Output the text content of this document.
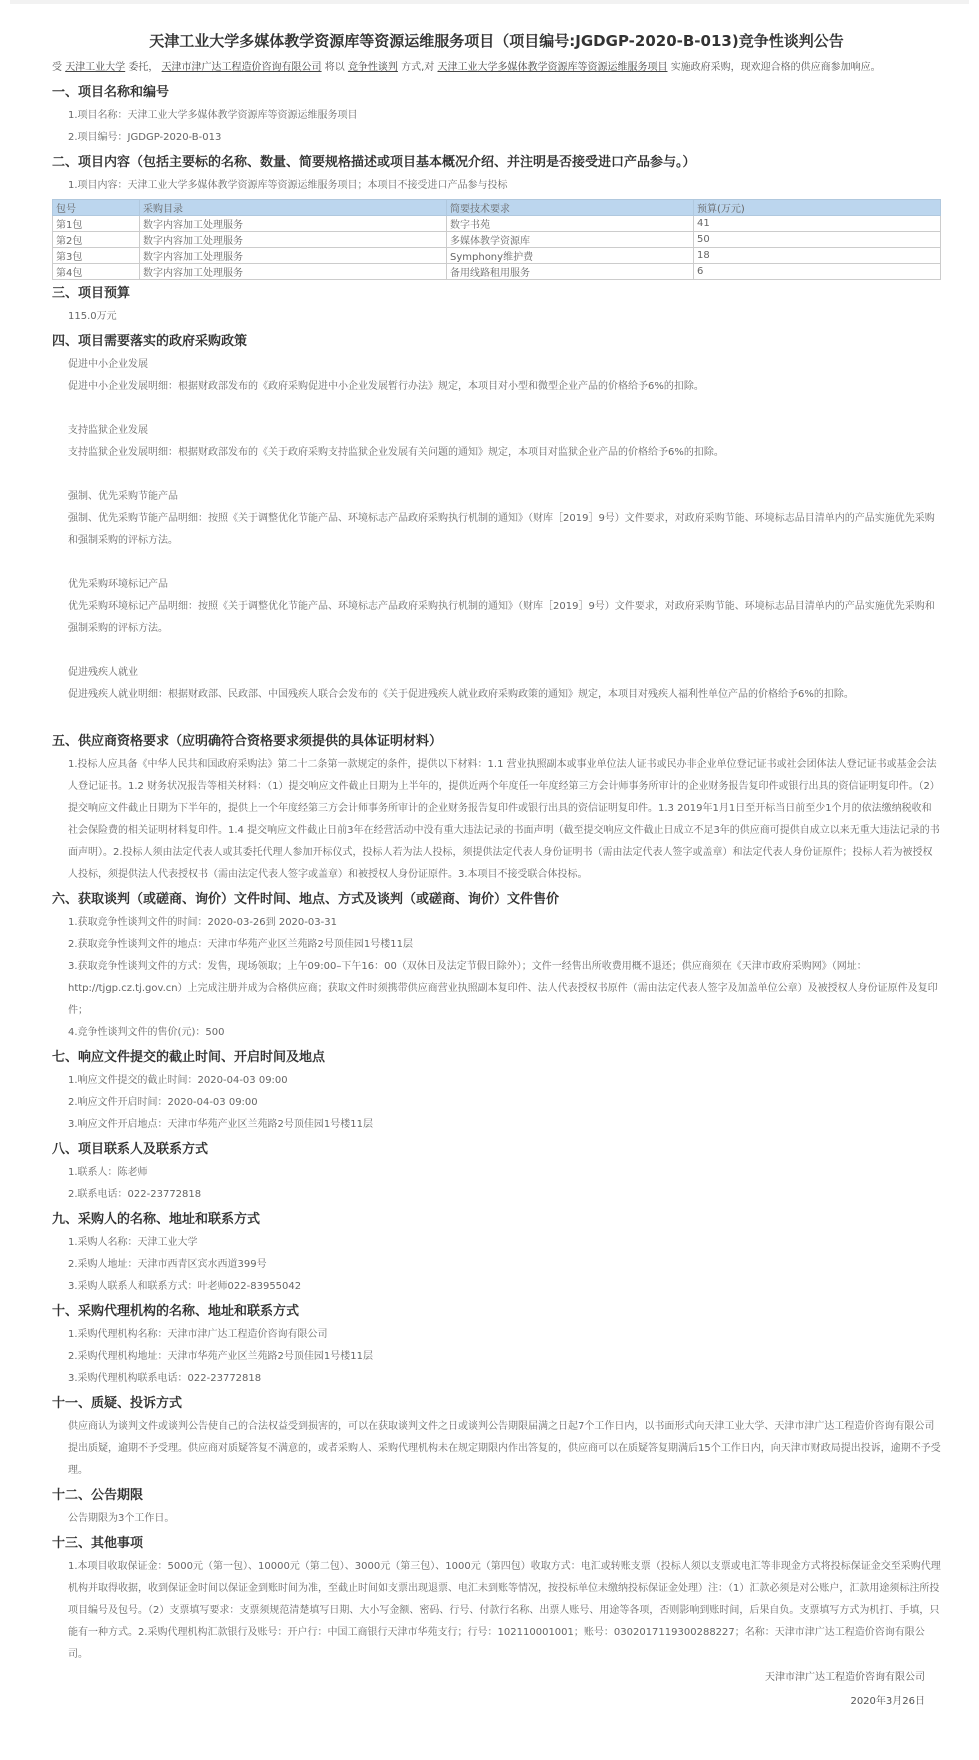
天津工业大学多媒体教学资源库等资源运维服务项目（项目编号:JGDGP-2020-B-013)竞争性谈判公告
受 天津工业大学 委托， 天津市津广达工程造价咨询有限公司 将以 竞争性谈判 方式,对 天津工业大学多媒体教学资源库等资源运维服务项目 实施政府采购，现欢迎合格的供应商参加响应。
一、项目名称和编号
1.项目名称：天津工业大学多媒体教学资源库等资源运维服务项目
2.项目编号：JGDGP-2020-B-013
二、项目内容（包括主要标的名称、数量、简要规格描述或项目基本概况介绍、并注明是否接受进口产品参与。）
1.项目内容：天津工业大学多媒体教学资源库等资源运维服务项目；本项目不接受进口产品参与投标
包号	采购目录	简要技术要求	预算(万元)
第1包	数字内容加工处理服务	数字书苑	41
第2包	数字内容加工处理服务	多媒体教学资源库	50
第3包	数字内容加工处理服务	Symphony维护费	18
第4包	数字内容加工处理服务	备用线路租用服务	6
三、项目预算
115.0万元
四、项目需要落实的政府采购政策
促进中小企业发展
促进中小企业发展明细：根据财政部发布的《政府采购促进中小企业发展暂行办法》规定，本项目对小型和微型企业产品的价格给予6%的扣除。
支持监狱企业发展
支持监狱企业发展明细：根据财政部发布的《关于政府采购支持监狱企业发展有关问题的通知》规定，本项目对监狱企业产品的价格给予6%的扣除。
强制、优先采购节能产品
强制、优先采购节能产品明细：按照《关于调整优化节能产品、环境标志产品政府采购执行机制的通知》（财库［2019］9号）文件要求，对政府采购节能、环境标志品目清单内的产品实施优先采购和强制采购的评标方法。
优先采购环境标记产品
优先采购环境标记产品明细：按照《关于调整优化节能产品、环境标志产品政府采购执行机制的通知》（财库［2019］9号）文件要求，对政府采购节能、环境标志品目清单内的产品实施优先采购和强制采购的评标方法。
促进残疾人就业
促进残疾人就业明细：根据财政部、民政部、中国残疾人联合会发布的《关于促进残疾人就业政府采购政策的通知》规定，本项目对残疾人福利性单位产品的价格给予6%的扣除。
五、供应商资格要求（应明确符合资格要求须提供的具体证明材料）
1.投标人应具备《中华人民共和国政府采购法》第二十二条第一款规定的条件，提供以下材料：1.1 营业执照副本或事业单位法人证书或民办非企业单位登记证书或社会团体法人登记证书或基金会法人登记证书。1.2 财务状况报告等相关材料：（1）提交响应文件截止日期为上半年的，提供近两个年度任一年度经第三方会计师事务所审计的企业财务报告复印件或银行出具的资信证明复印件。（2）提交响应文件截止日期为下半年的，提供上一个年度经第三方会计师事务所审计的企业财务报告复印件或银行出具的资信证明复印件。1.3 2019年1月1日至开标当日前至少1个月的依法缴纳税收和社会保险费的相关证明材料复印件。1.4 提交响应文件截止日前3年在经营活动中没有重大违法记录的书面声明（截至提交响应文件截止日成立不足3年的供应商可提供自成立以来无重大违法记录的书面声明）。2.投标人须由法定代表人或其委托代理人参加开标仪式，投标人若为法人投标，须提供法定代表人身份证明书（需由法定代表人签字或盖章）和法定代表人身份证原件；投标人若为被授权人投标，须提供法人代表授权书（需由法定代表人签字或盖章）和被授权人身份证原件。3.本项目不接受联合体投标。
六、获取谈判（或磋商、询价）文件时间、地点、方式及谈判（或磋商、询价）文件售价
1.获取竞争性谈判文件的时间：2020-03-26到 2020-03-31
2.获取竞争性谈判文件的地点：天津市华苑产业区兰苑路2号顶佳园1号楼11层
3.获取竞争性谈判文件的方式：发售，现场领取；上午09:00–下午16：00（双休日及法定节假日除外）；文件一经售出所收费用概不退还；供应商须在《天津市政府采购网》（网址：http://tjgp.cz.tj.gov.cn）上完成注册并成为合格供应商；获取文件时须携带供应商营业执照副本复印件、法人代表授权书原件（需由法定代表人签字及加盖单位公章）及被授权人身份证原件及复印件；
4.竞争性谈判文件的售价(元)：500
七、响应文件提交的截止时间、开启时间及地点
1.响应文件提交的截止时间：2020-04-03 09:00
2.响应文件开启时间：2020-04-03 09:00
3.响应文件开启地点：天津市华苑产业区兰苑路2号顶佳园1号楼11层
八、项目联系人及联系方式
1.联系人：陈老师
2.联系电话：022-23772818
九、采购人的名称、地址和联系方式
1.采购人名称：天津工业大学
2.采购人地址：天津市西青区宾水西道399号
3.采购人联系人和联系方式：叶老师022-83955042
十、采购代理机构的名称、地址和联系方式
1.采购代理机构名称：天津市津广达工程造价咨询有限公司
2.采购代理机构地址：天津市华苑产业区兰苑路2号顶佳园1号楼11层
3.采购代理机构联系电话：022-23772818
十一、质疑、投诉方式
供应商认为谈判文件或谈判公告使自己的合法权益受到损害的，可以在获取谈判文件之日或谈判公告期限届满之日起7个工作日内，以书面形式向天津工业大学、天津市津广达工程造价咨询有限公司提出质疑，逾期不予受理。供应商对质疑答复不满意的，或者采购人、采购代理机构未在规定期限内作出答复的，供应商可以在质疑答复期满后15个工作日内，向天津市财政局提出投诉，逾期不予受理。
十二、公告期限
公告期限为3个工作日。
十三、其他事项
1.本项目收取保证金：5000元（第一包）、10000元（第二包）、3000元（第三包）、1000元（第四包）收取方式：电汇或转账支票（投标人须以支票或电汇等非现金方式将投标保证金交至采购代理机构并取得收据，收到保证金时间以保证金到账时间为准，至截止时间如支票出现退票、电汇未到账等情况，按投标单位未缴纳投标保证金处理）注：（1）汇款必须是对公账户，汇款用途须标注所投项目编号及包号。（2）支票填写要求：支票须规范清楚填写日期、大小写金额、密码、行号、付款行名称、出票人账号、用途等各项，否则影响到账时间，后果自负。支票填写方式为机打、手填，只能有一种方式。2.采购代理机构汇款银行及账号：开户行：中国工商银行天津市华苑支行；行号：102110001001；账号：0302017119300288227；名称：天津市津广达工程造价咨询有限公司。
天津市津广达工程造价咨询有限公司
2020年3月26日
